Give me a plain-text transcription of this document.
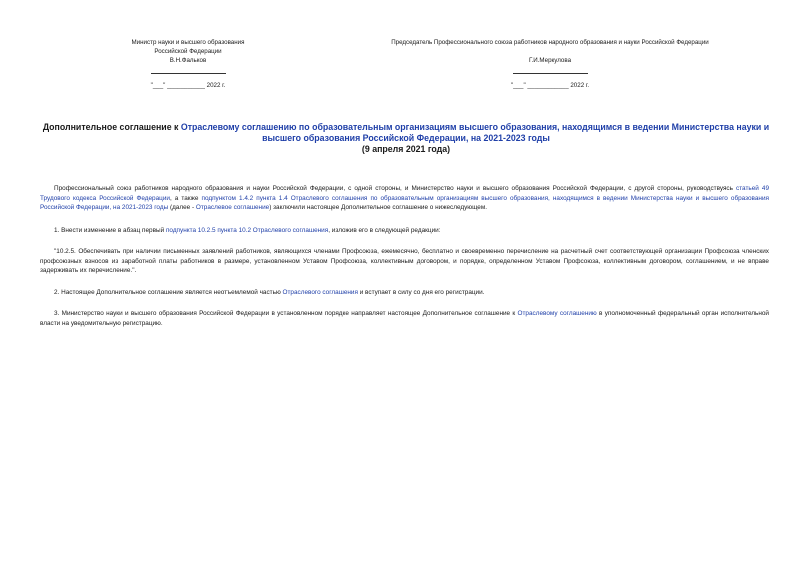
Министр науки и высшего образования
Российской Федерации
В.Н.Фальков
"___" ___________ 2022 г.
Председатель Профессионального союза работников народного образования и науки Российской Федерации
Г.И.Меркулова
"___" ____________ 2022 г.
Дополнительное соглашение к Отраслевому соглашению по образовательным организациям высшего образования, находящимся в ведении Министерства науки и высшего образования Российской Федерации, на 2021-2023 годы
(9 апреля 2021 года)
Профессиональный союз работников народного образования и науки Российской Федерации, с одной стороны, и Министерство науки и высшего образования Российской Федерации, с другой стороны, руководствуясь статьей 49 Трудового кодекса Российской Федерации, а также подпунктом 1.4.2 пункта 1.4 Отраслевого соглашения по образовательным организациям высшего образования, находящимся в ведении Министерства науки и высшего образования Российской Федерации, на 2021-2023 годы (далее - Отраслевое соглашение) заключили настоящее Дополнительное соглашение о нижеследующем.
1. Внести изменение в абзац первый подпункта 10.2.5 пункта 10.2 Отраслевого соглашения, изложив его в следующей редакции:
"10.2.5. Обеспечивать при наличии письменных заявлений работников, являющихся членами Профсоюза, ежемесячно, бесплатно и своевременно перечисление на расчетный счет соответствующей организации Профсоюза членских профсоюзных взносов из заработной платы работников в размере, установленном Уставом Профсоюза, коллективным договором, и порядке, определенном Уставом Профсоюза, коллективным договором, соглашением, и не вправе задерживать их перечисление.".
2. Настоящее Дополнительное соглашение является неотъемлемой частью Отраслевого соглашения и вступает в силу со дня его регистрации.
3. Министерство науки и высшего образования Российской Федерации в установленном порядке направляет настоящее Дополнительное соглашение к Отраслевому соглашению в уполномоченный федеральный орган исполнительной власти на уведомительную регистрацию.
